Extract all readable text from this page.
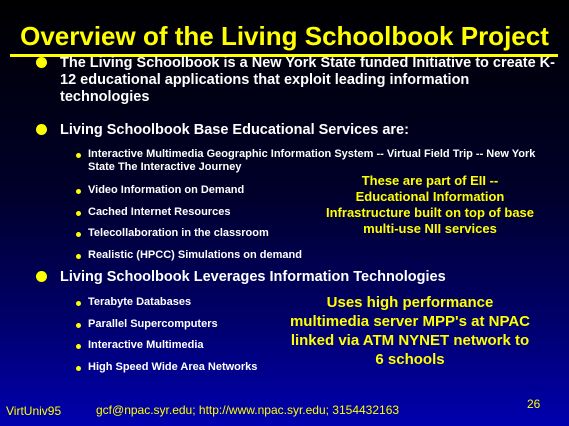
Overview of the Living Schoolbook Project
The Living Schoolbook is a New York State funded Initiative to create K-12 educational applications that exploit leading information technologies
Living Schoolbook Base Educational Services are:
Interactive Multimedia Geographic Information System -- Virtual Field Trip -- New York State The Interactive Journey
Video Information on Demand
Cached Internet Resources
Telecollaboration in the classroom
Realistic (HPCC) Simulations on demand
These are part of EII -- Educational Information Infrastructure built on top of base multi-use NII services
Living Schoolbook Leverages Information Technologies
Terabyte Databases
Parallel Supercomputers
Interactive Multimedia
High Speed Wide Area Networks
Uses high performance multimedia server MPP's at NPAC linked via ATM NYNET network to 6 schools
VirtUniv95	gcf@npac.syr.edu; http://www.npac.syr.edu; 3154432163	26
